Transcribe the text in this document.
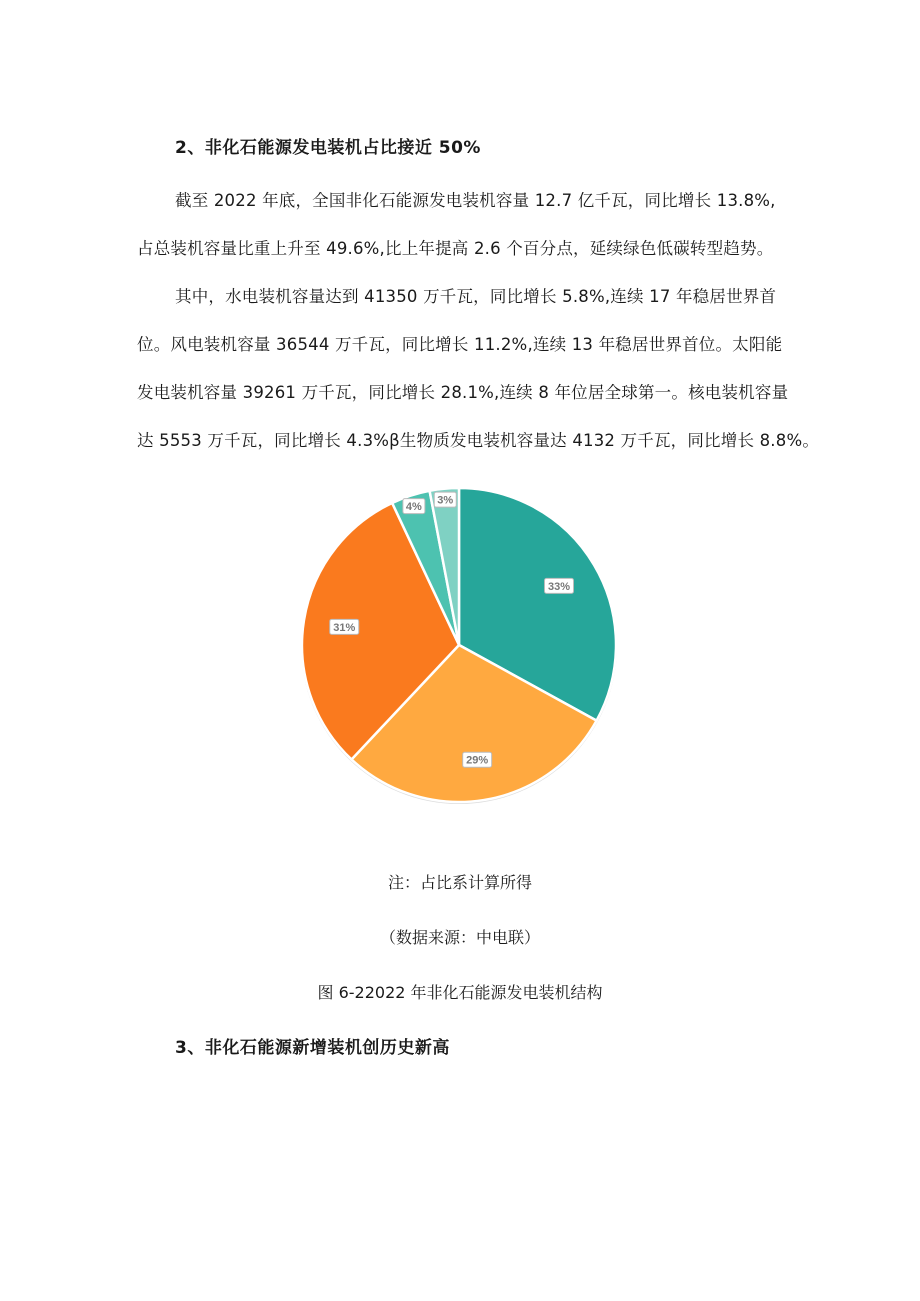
2、非化石能源发电装机占比接近 50%
截至 2022 年底，全国非化石能源发电装机容量 12.7 亿千瓦，同比增长 13.8%,
占总装机容量比重上升至 49.6%,比上年提高 2.6 个百分点，延续绿色低碳转型趋势。
其中，水电装机容量达到 41350 万千瓦，同比增长 5.8%,连续 17 年稳居世界首
位。风电装机容量 36544 万千瓦，同比增长 11.2%,连续 13 年稳居世界首位。太阳能
发电装机容量 39261 万千瓦，同比增长 28.1%,连续 8 年位居全球第一。核电装机容量
达 5553 万千瓦，同比增长 4.3%β生物质发电装机容量达 4132 万千瓦，同比增长 8.8%。
33%
29%
31%
4%
3%
注：占比系计算所得
（数据来源：中电联）
图 6-22022 年非化石能源发电装机结构
3、非化石能源新增装机创历史新高
